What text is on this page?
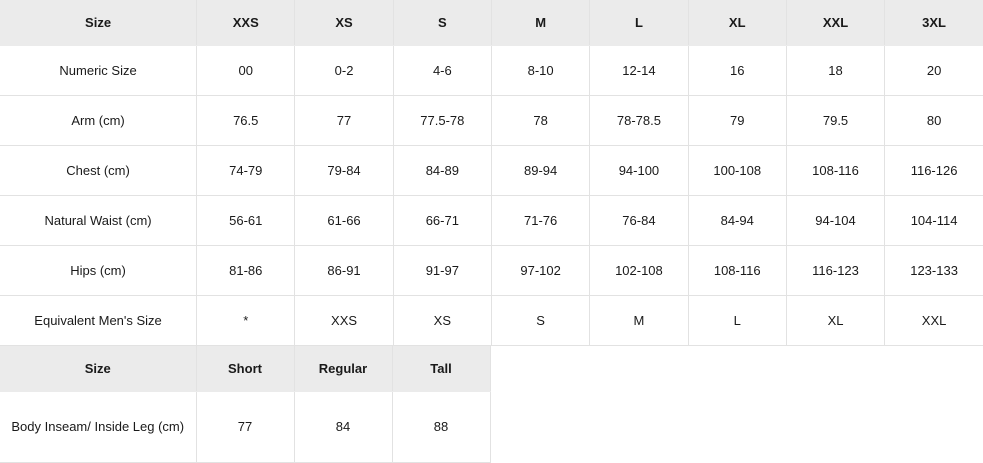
Size	XXS	XS	S	M	L	XL	XXL	3XL
Numeric Size	00	0-2	4-6	8-10	12-14	16	18	20
Arm (cm)	76.5	77	77.5-78	78	78-78.5	79	79.5	80
Chest (cm)	74-79	79-84	84-89	89-94	94-100	100-108	108-116	116-126
Natural Waist (cm)	56-61	61-66	66-71	71-76	76-84	84-94	94-104	104-114
Hips (cm)	81-86	86-91	91-97	97-102	102-108	108-116	116-123	123-133
Equivalent Men's Size	*	XXS	XS	S	M	L	XL	XXL
Size	Short	Regular	Tall	
Body Inseam/ Inside Leg (cm)	77	84	88	
